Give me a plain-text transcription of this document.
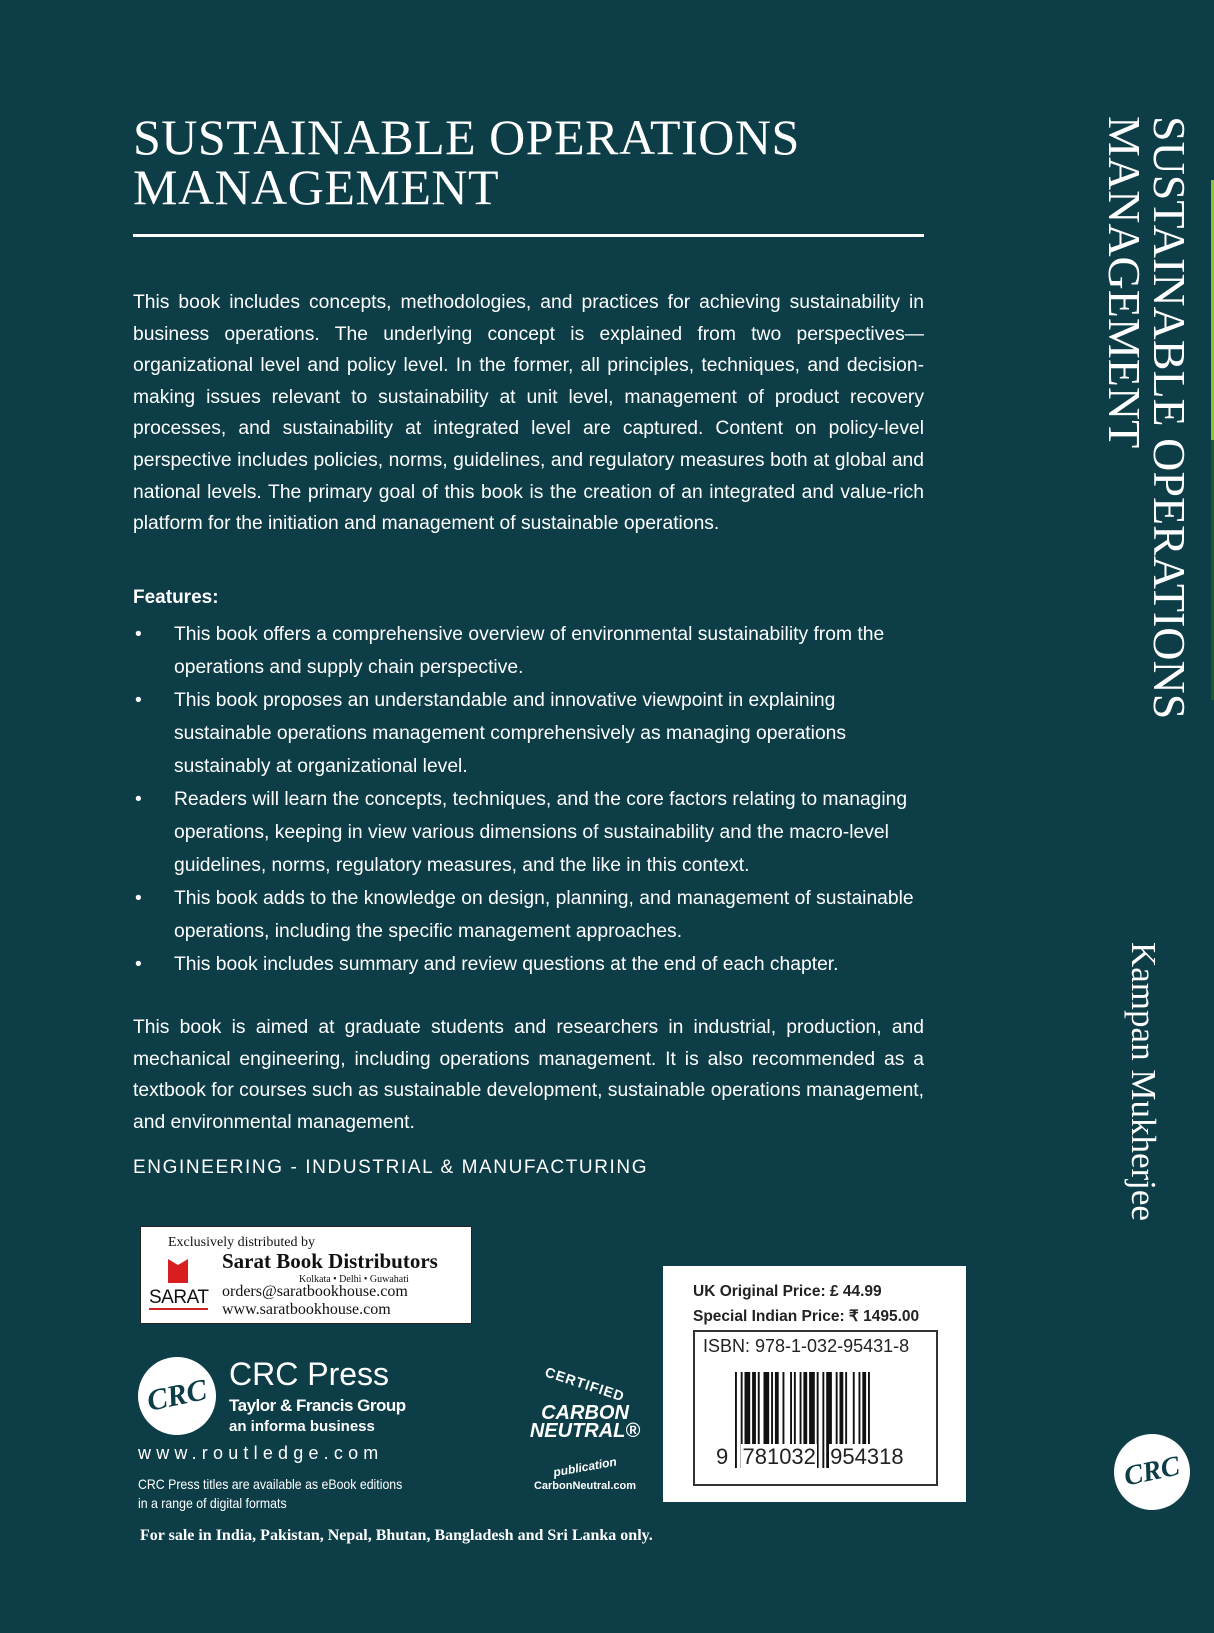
SUSTAINABLE OPERATIONS
MANAGEMENT

This book includes concepts, methodologies, and practices for achieving sustainability in business operations. The underlying concept is explained from two perspectives—organizational level and policy level. In the former, all principles, techniques, and decision-making issues relevant to sustainability at unit level, management of product recovery processes, and sustainability at integrated level are captured. Content on policy-level perspective includes policies, norms, guidelines, and regulatory measures both at global and national levels. The primary goal of this book is the creation of an integrated and value-rich platform for the initiation and management of sustainable operations.

Features:

• This book offers a comprehensive overview of environmental sustainability from the operations and supply chain perspective.
• This book proposes an understandable and innovative viewpoint in explaining sustainable operations management comprehensively as managing operations sustainably at organizational level.
• Readers will learn the concepts, techniques, and the core factors relating to managing operations, keeping in view various dimensions of sustainability and the macro-level guidelines, norms, regulatory measures, and the like in this context.
• This book adds to the knowledge on design, planning, and management of sustainable operations, including the specific management approaches.
• This book includes summary and review questions at the end of each chapter.

This book is aimed at graduate students and researchers in industrial, production, and mechanical engineering, including operations management. It is also recommended as a textbook for courses such as sustainable development, sustainable operations management, and environmental management.

ENGINEERING - INDUSTRIAL & MANUFACTURING
Exclusively distributed by
SARAT
Sarat Book Distributors
Kolkata • Delhi • Guwahati
orders@saratbookhouse.com
www.saratbookhouse.com
CRC CRC Press
Taylor & Francis Group
an informa business
www.routledge.com
CRC Press titles are available as eBook editions
in a range of digital formats
CERTIFIED
CARBON
NEUTRAL®
publication
CarbonNeutral.com
UK Original Price: £ 44.99
Special Indian Price: ₹ 1495.00
ISBN: 978-1-032-95431-8
9 781032 954318
For sale in India, Pakistan, Nepal, Bhutan, Bangladesh and Sri Lanka only.
SUSTAINABLE OPERATIONS
MANAGEMENT
Kampan Mukherjee
CRC
